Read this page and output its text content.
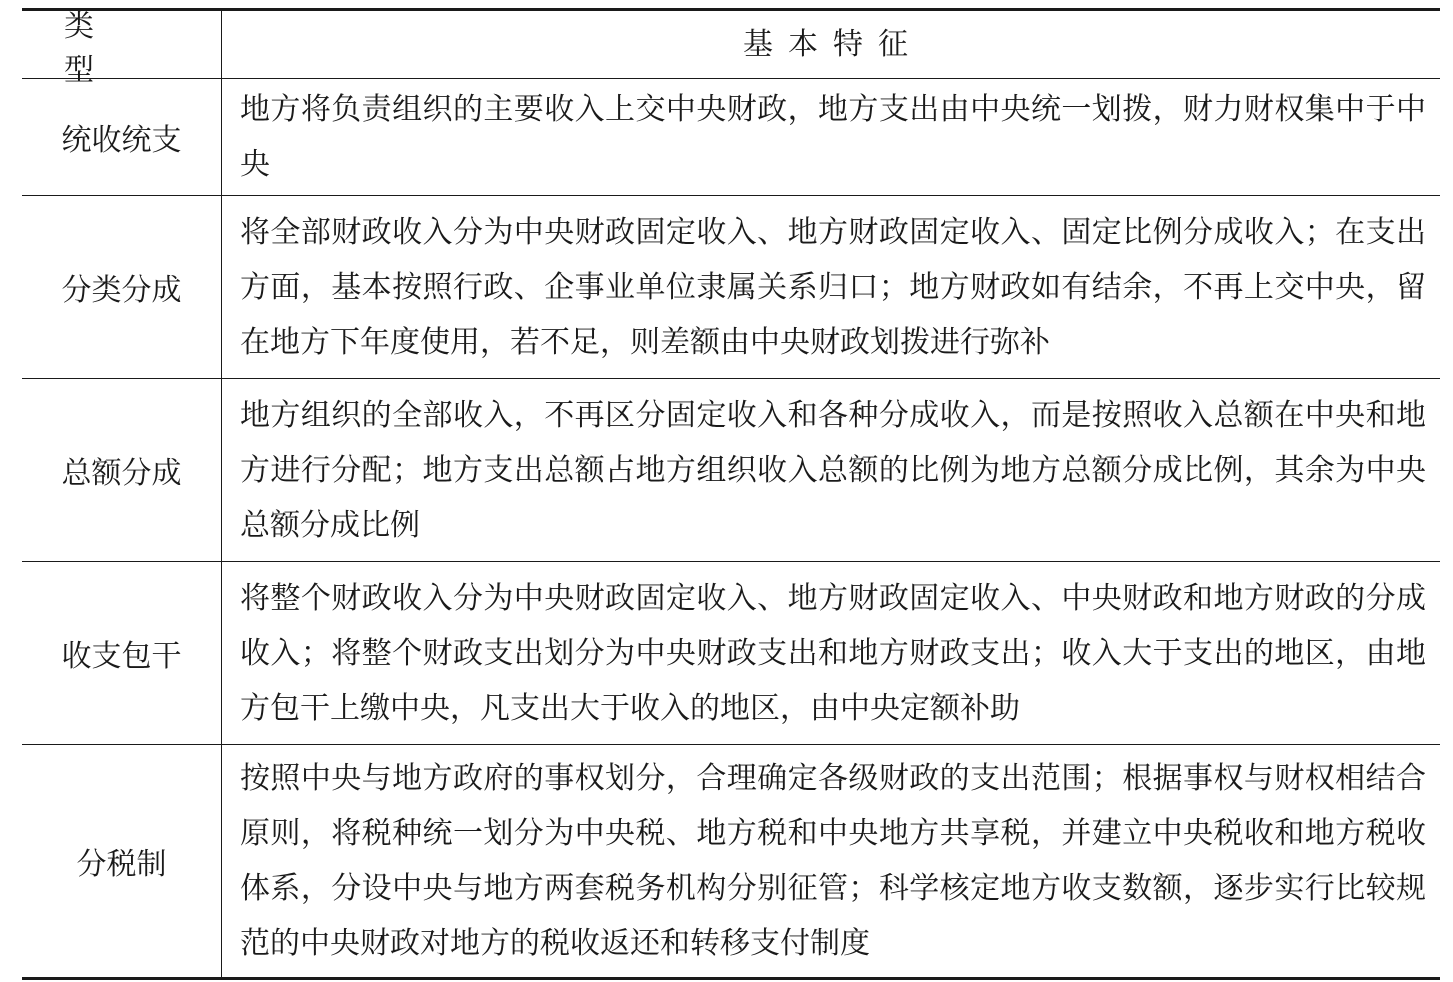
类 型
基本特征
统收统支
地方将负责组织的主要收入上交中央财政，地方支出由中央统一划拨，财力财权集中于中央
分类分成
将全部财政收入分为中央财政固定收入、地方财政固定收入、固定比例分成收入；在支出方面，基本按照行政、企事业单位隶属关系归口；地方财政如有结余，不再上交中央，留在地方下年度使用，若不足，则差额由中央财政划拨进行弥补
总额分成
地方组织的全部收入，不再区分固定收入和各种分成收入，而是按照收入总额在中央和地方进行分配；地方支出总额占地方组织收入总额的比例为地方总额分成比例，其余为中央总额分成比例
收支包干
将整个财政收入分为中央财政固定收入、地方财政固定收入、中央财政和地方财政的分成收入；将整个财政支出划分为中央财政支出和地方财政支出；收入大于支出的地区，由地方包干上缴中央，凡支出大于收入的地区，由中央定额补助
分税制
按照中央与地方政府的事权划分，合理确定各级财政的支出范围；根据事权与财权相结合原则，将税种统一划分为中央税、地方税和中央地方共享税，并建立中央税收和地方税收体系，分设中央与地方两套税务机构分别征管；科学核定地方收支数额，逐步实行比较规范的中央财政对地方的税收返还和转移支付制度
